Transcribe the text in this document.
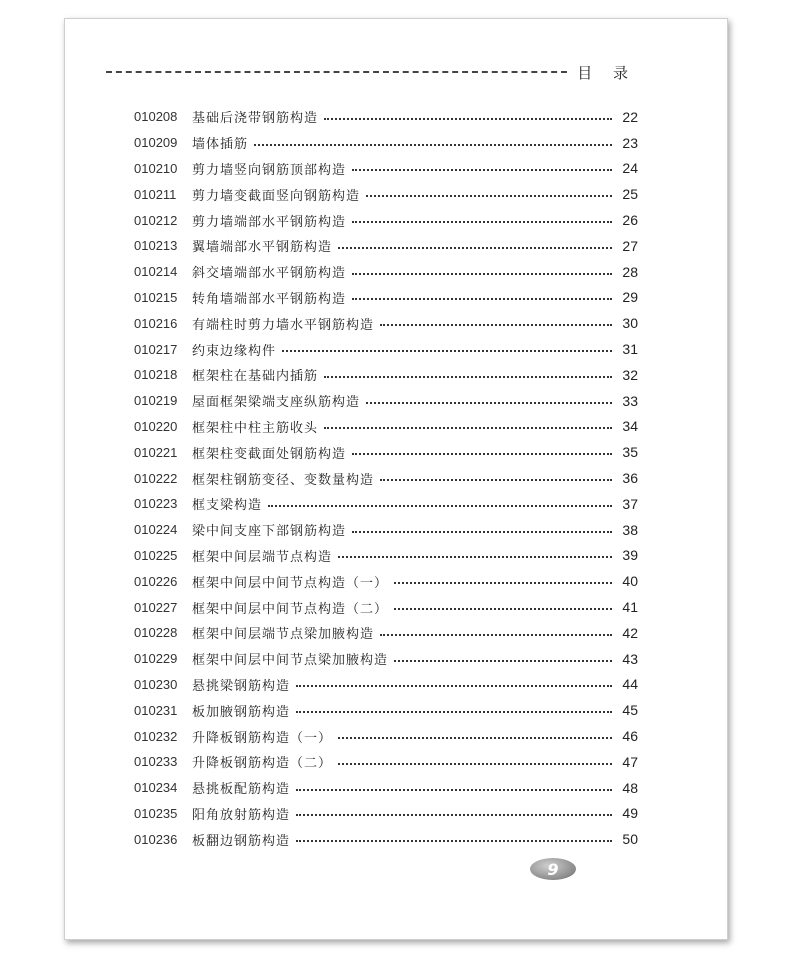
目 录
010208	基础后浇带钢筋构造	22
010209	墙体插筋	23
010210	剪力墙竖向钢筋顶部构造	24
010211	剪力墙变截面竖向钢筋构造	25
010212	剪力墙端部水平钢筋构造	26
010213	翼墙端部水平钢筋构造	27
010214	斜交墙端部水平钢筋构造	28
010215	转角墙端部水平钢筋构造	29
010216	有端柱时剪力墙水平钢筋构造	30
010217	约束边缘构件	31
010218	框架柱在基础内插筋	32
010219	屋面框架梁端支座纵筋构造	33
010220	框架柱中柱主筋收头	34
010221	框架柱变截面处钢筋构造	35
010222	框架柱钢筋变径、变数量构造	36
010223	框支梁构造	37
010224	梁中间支座下部钢筋构造	38
010225	框架中间层端节点构造	39
010226	框架中间层中间节点构造（一）	40
010227	框架中间层中间节点构造（二）	41
010228	框架中间层端节点梁加腋构造	42
010229	框架中间层中间节点梁加腋构造	43
010230	悬挑梁钢筋构造	44
010231	板加腋钢筋构造	45
010232	升降板钢筋构造（一）	46
010233	升降板钢筋构造（二）	47
010234	悬挑板配筋构造	48
010235	阳角放射筋构造	49
010236	板翻边钢筋构造	50
9
